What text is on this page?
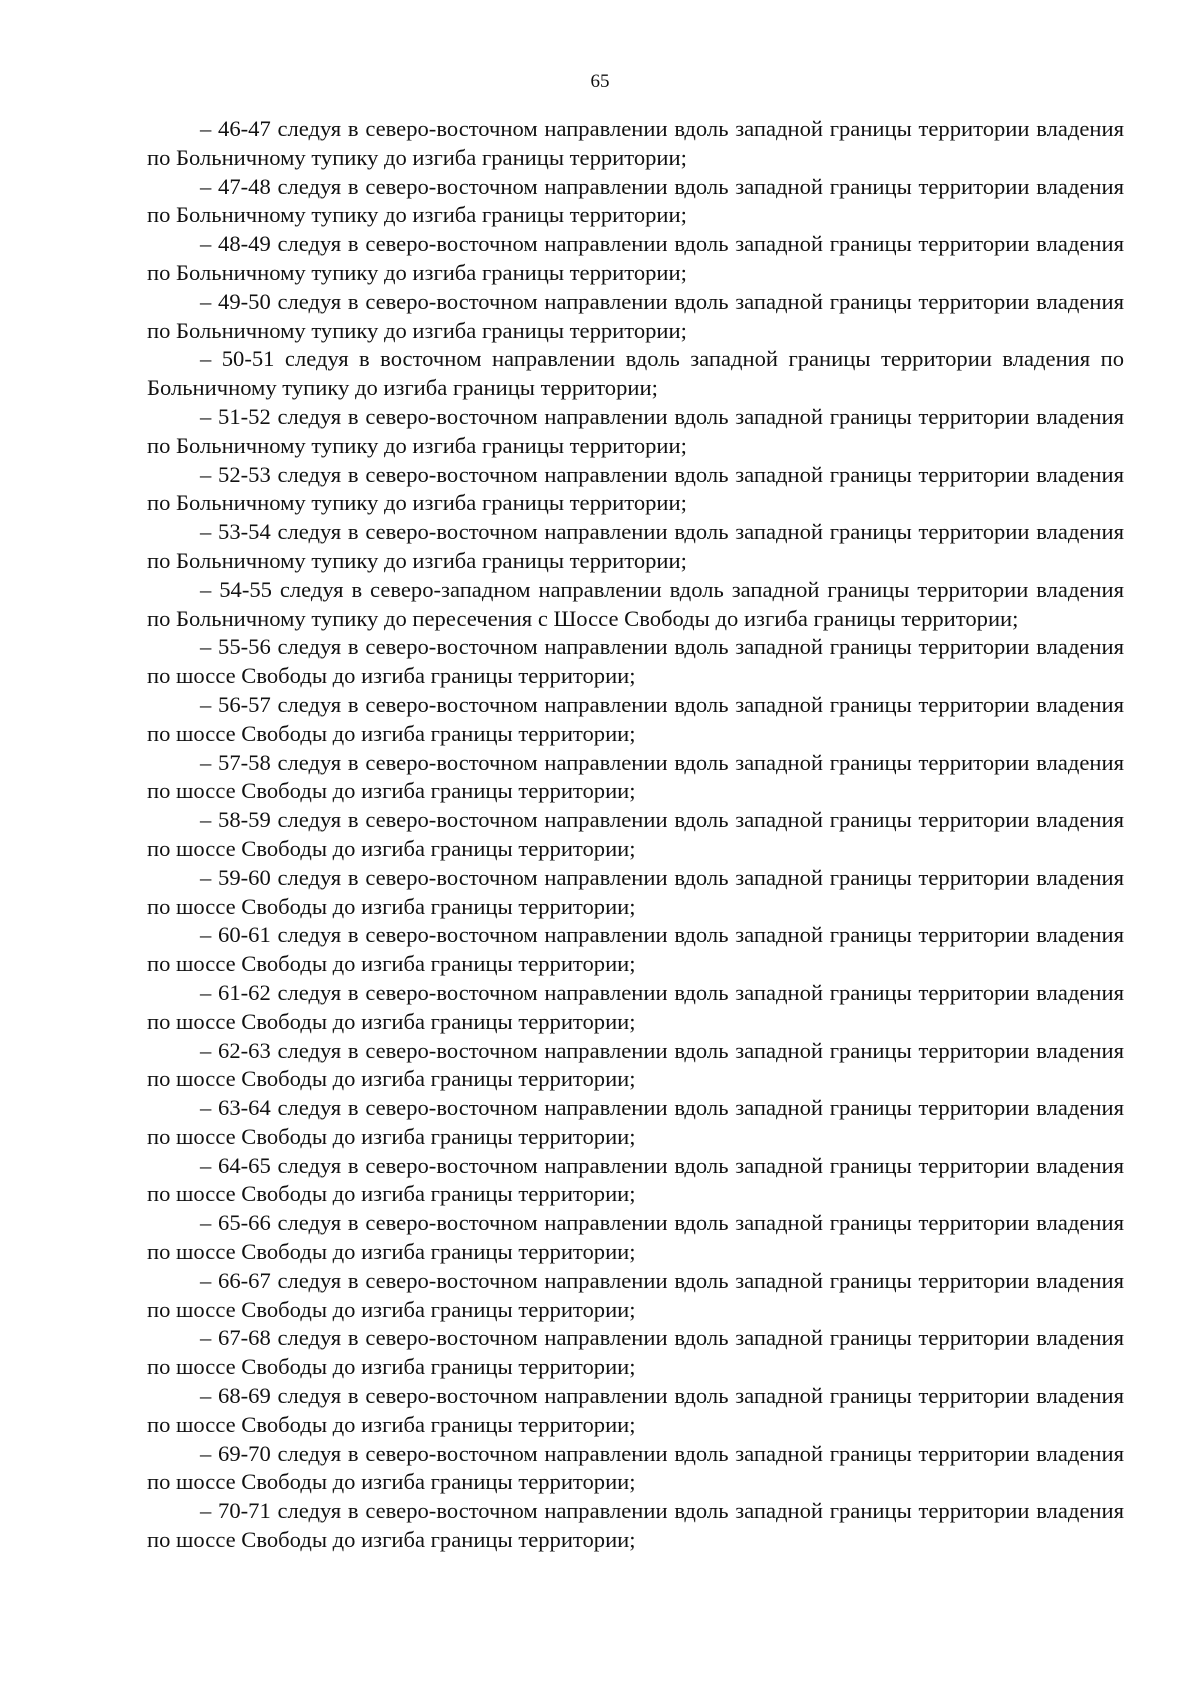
65

– 46-47 следуя в северо-восточном направлении вдоль западной границы территории владения по Больничному тупику до изгиба границы территории;

– 47-48 следуя в северо-восточном направлении вдоль западной границы территории владения по Больничному тупику до изгиба границы территории;

– 48-49 следуя в северо-восточном направлении вдоль западной границы территории владения по Больничному тупику до изгиба границы территории;

– 49-50 следуя в северо-восточном направлении вдоль западной границы территории владения по Больничному тупику до изгиба границы территории;

– 50-51 следуя в восточном направлении вдоль западной границы территории владения по Больничному тупику до изгиба границы территории;

– 51-52 следуя в северо-восточном направлении вдоль западной границы территории владения по Больничному тупику до изгиба границы территории;

– 52-53 следуя в северо-восточном направлении вдоль западной границы территории владения по Больничному тупику до изгиба границы территории;

– 53-54 следуя в северо-восточном направлении вдоль западной границы территории владения по Больничному тупику до изгиба границы территории;

– 54-55 следуя в северо-западном направлении вдоль западной границы территории владения по Больничному тупику до пересечения с Шоссе Свободы до изгиба границы территории;

– 55-56 следуя в северо-восточном направлении вдоль западной границы территории владения по шоссе Свободы до изгиба границы территории;

– 56-57 следуя в северо-восточном направлении вдоль западной границы территории владения по шоссе Свободы до изгиба границы территории;

– 57-58 следуя в северо-восточном направлении вдоль западной границы территории владения по шоссе Свободы до изгиба границы территории;

– 58-59 следуя в северо-восточном направлении вдоль западной границы территории владения по шоссе Свободы до изгиба границы территории;

– 59-60 следуя в северо-восточном направлении вдоль западной границы территории владения по шоссе Свободы до изгиба границы территории;

– 60-61 следуя в северо-восточном направлении вдоль западной границы территории владения по шоссе Свободы до изгиба границы территории;

– 61-62 следуя в северо-восточном направлении вдоль западной границы территории владения по шоссе Свободы до изгиба границы территории;

– 62-63 следуя в северо-восточном направлении вдоль западной границы территории владения по шоссе Свободы до изгиба границы территории;

– 63-64 следуя в северо-восточном направлении вдоль западной границы территории владения по шоссе Свободы до изгиба границы территории;

– 64-65 следуя в северо-восточном направлении вдоль западной границы территории владения по шоссе Свободы до изгиба границы территории;

– 65-66 следуя в северо-восточном направлении вдоль западной границы территории владения по шоссе Свободы до изгиба границы территории;

– 66-67 следуя в северо-восточном направлении вдоль западной границы территории владения по шоссе Свободы до изгиба границы территории;

– 67-68 следуя в северо-восточном направлении вдоль западной границы территории владения по шоссе Свободы до изгиба границы территории;

– 68-69 следуя в северо-восточном направлении вдоль западной границы территории владения по шоссе Свободы до изгиба границы территории;

– 69-70 следуя в северо-восточном направлении вдоль западной границы территории владения по шоссе Свободы до изгиба границы территории;

– 70-71 следуя в северо-восточном направлении вдоль западной границы территории владения по шоссе Свободы до изгиба границы территории;
